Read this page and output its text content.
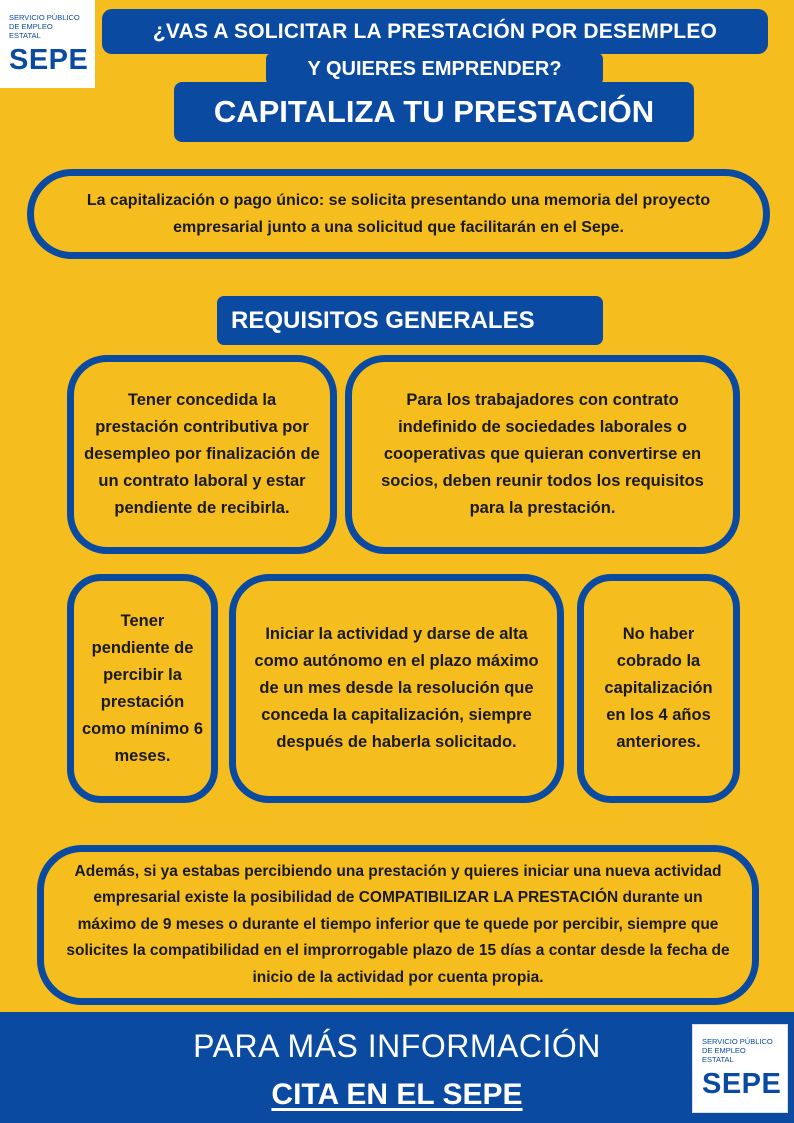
SERVICIO PÚBLICO
DE EMPLEO ESTATAL
SEPE
¿VAS A SOLICITAR LA PRESTACIÓN POR DESEMPLEO
Y QUIERES EMPRENDER?
CAPITALIZA TU PRESTACIÓN
La capitalización o pago único: se solicita presentando una memoria del proyecto empresarial junto a una solicitud que facilitarán en el Sepe.
REQUISITOS GENERALES
Tener concedida la prestación contributiva por desempleo por finalización de un contrato laboral y estar pendiente de recibirla.
Para los trabajadores con contrato indefinido de sociedades laborales o cooperativas que quieran convertirse en socios, deben reunir todos los requisitos para la prestación.
Tener pendiente de percibir la prestación como mínimo 6 meses.
Iniciar la actividad y darse de alta como autónomo en el plazo máximo de un mes desde la resolución que conceda la capitalización, siempre después de haberla solicitado.
No haber cobrado la capitalización en los 4 años anteriores.
Además, si ya estabas percibiendo una prestación y quieres iniciar una nueva actividad empresarial existe la posibilidad de COMPATIBILIZAR LA PRESTACIÓN durante un máximo de 9 meses o durante el tiempo inferior que te quede por percibir, siempre que solicites la compatibilidad en el improrrogable plazo de 15 días a contar desde la fecha de inicio de la actividad por cuenta propia.
PARA MÁS INFORMACIÓN
CITA EN EL SEPE
SERVICIO PÚBLICO
DE EMPLEO ESTATAL
SEPE
